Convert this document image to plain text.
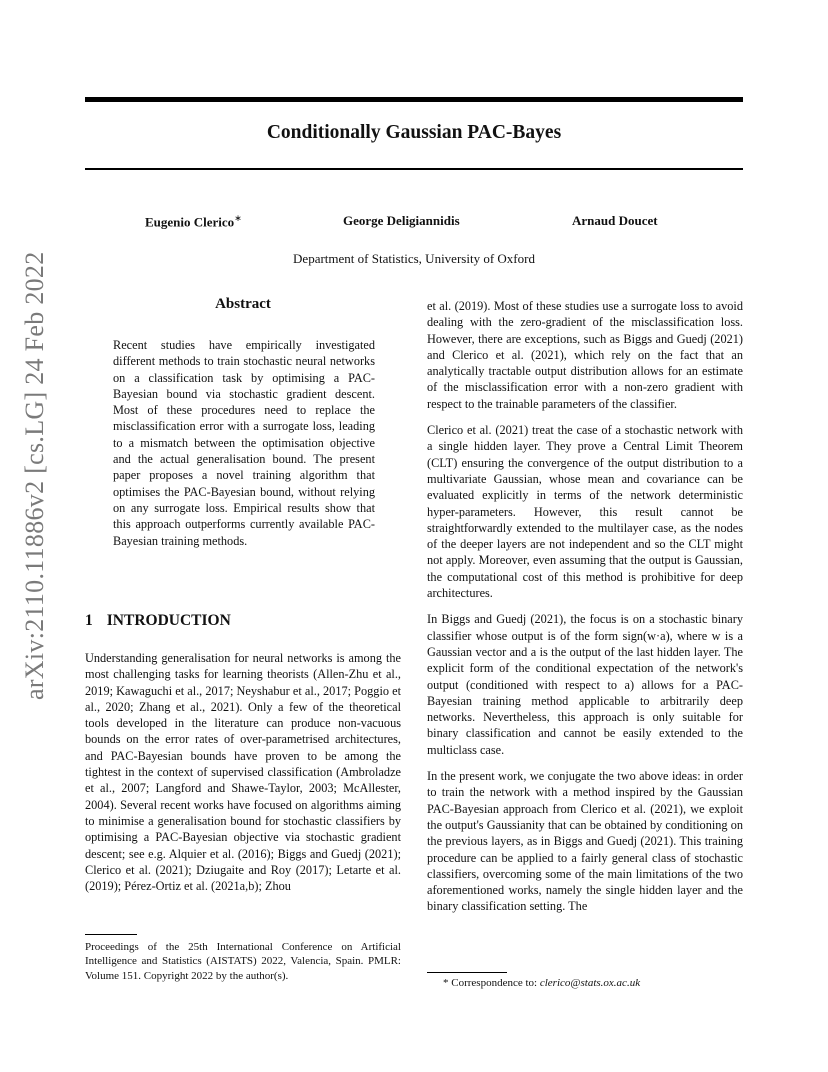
arXiv:2110.11886v2 [cs.LG] 24 Feb 2022
Conditionally Gaussian PAC-Bayes
Eugenio Clerico∗	George Deligiannidis	Arnaud Doucet
Department of Statistics, University of Oxford
Abstract
Recent studies have empirically investigated different methods to train stochastic neural networks on a classification task by optimising a PAC-Bayesian bound via stochastic gradient descent. Most of these procedures need to replace the misclassification error with a surrogate loss, leading to a mismatch between the optimisation objective and the actual generalisation bound. The present paper proposes a novel training algorithm that optimises the PAC-Bayesian bound, without relying on any surrogate loss. Empirical results show that this approach outperforms currently available PAC-Bayesian training methods.
1 INTRODUCTION
Understanding generalisation for neural networks is among the most challenging tasks for learning theorists (Allen-Zhu et al., 2019; Kawaguchi et al., 2017; Neyshabur et al., 2017; Poggio et al., 2020; Zhang et al., 2021). Only a few of the theoretical tools developed in the literature can produce non-vacuous bounds on the error rates of over-parametrised architectures, and PAC-Bayesian bounds have proven to be among the tightest in the context of supervised classification (Ambroladze et al., 2007; Langford and Shawe-Taylor, 2003; McAllester, 2004). Several recent works have focused on algorithms aiming to minimise a generalisation bound for stochastic classifiers by optimising a PAC-Bayesian objective via stochastic gradient descent; see e.g. Alquier et al. (2016); Biggs and Guedj (2021); Clerico et al. (2021); Dziugaite and Roy (2017); Letarte et al. (2019); Pérez-Ortiz et al. (2021a,b); Zhou

et al. (2019). Most of these studies use a surrogate loss to avoid dealing with the zero-gradient of the misclassification loss. However, there are exceptions, such as Biggs and Guedj (2021) and Clerico et al. (2021), which rely on the fact that an analytically tractable output distribution allows for an estimate of the misclassification error with a non-zero gradient with respect to the trainable parameters of the classifier.

Clerico et al. (2021) treat the case of a stochastic network with a single hidden layer. They prove a Central Limit Theorem (CLT) ensuring the convergence of the output distribution to a multivariate Gaussian, whose mean and covariance can be evaluated explicitly in terms of the network deterministic hyper-parameters. However, this result cannot be straightforwardly extended to the multilayer case, as the nodes of the deeper layers are not independent and so the CLT might not apply. Moreover, even assuming that the output is Gaussian, the computational cost of this method is prohibitive for deep architectures.

In Biggs and Guedj (2021), the focus is on a stochastic binary classifier whose output is of the form sign(w·a), where w is a Gaussian vector and a is the output of the last hidden layer. The explicit form of the conditional expectation of the network's output (conditioned with respect to a) allows for a PAC-Bayesian training method applicable to arbitrarily deep networks. Nevertheless, this approach is only suitable for binary classification and cannot be easily extended to the multiclass case.

In the present work, we conjugate the two above ideas: in order to train the network with a method inspired by the Gaussian PAC-Bayesian approach from Clerico et al. (2021), we exploit the output's Gaussianity that can be obtained by conditioning on the previous layers, as in Biggs and Guedj (2021). This training procedure can be applied to a fairly general class of stochastic classifiers, overcoming some of the main limitations of the two aforementioned works, namely the single hidden layer and the binary classification setting. The

Proceedings of the 25th International Conference on Artificial Intelligence and Statistics (AISTATS) 2022, Valencia, Spain. PMLR: Volume 151. Copyright 2022 by the author(s).
* Correspondence to: clerico@stats.ox.ac.uk
